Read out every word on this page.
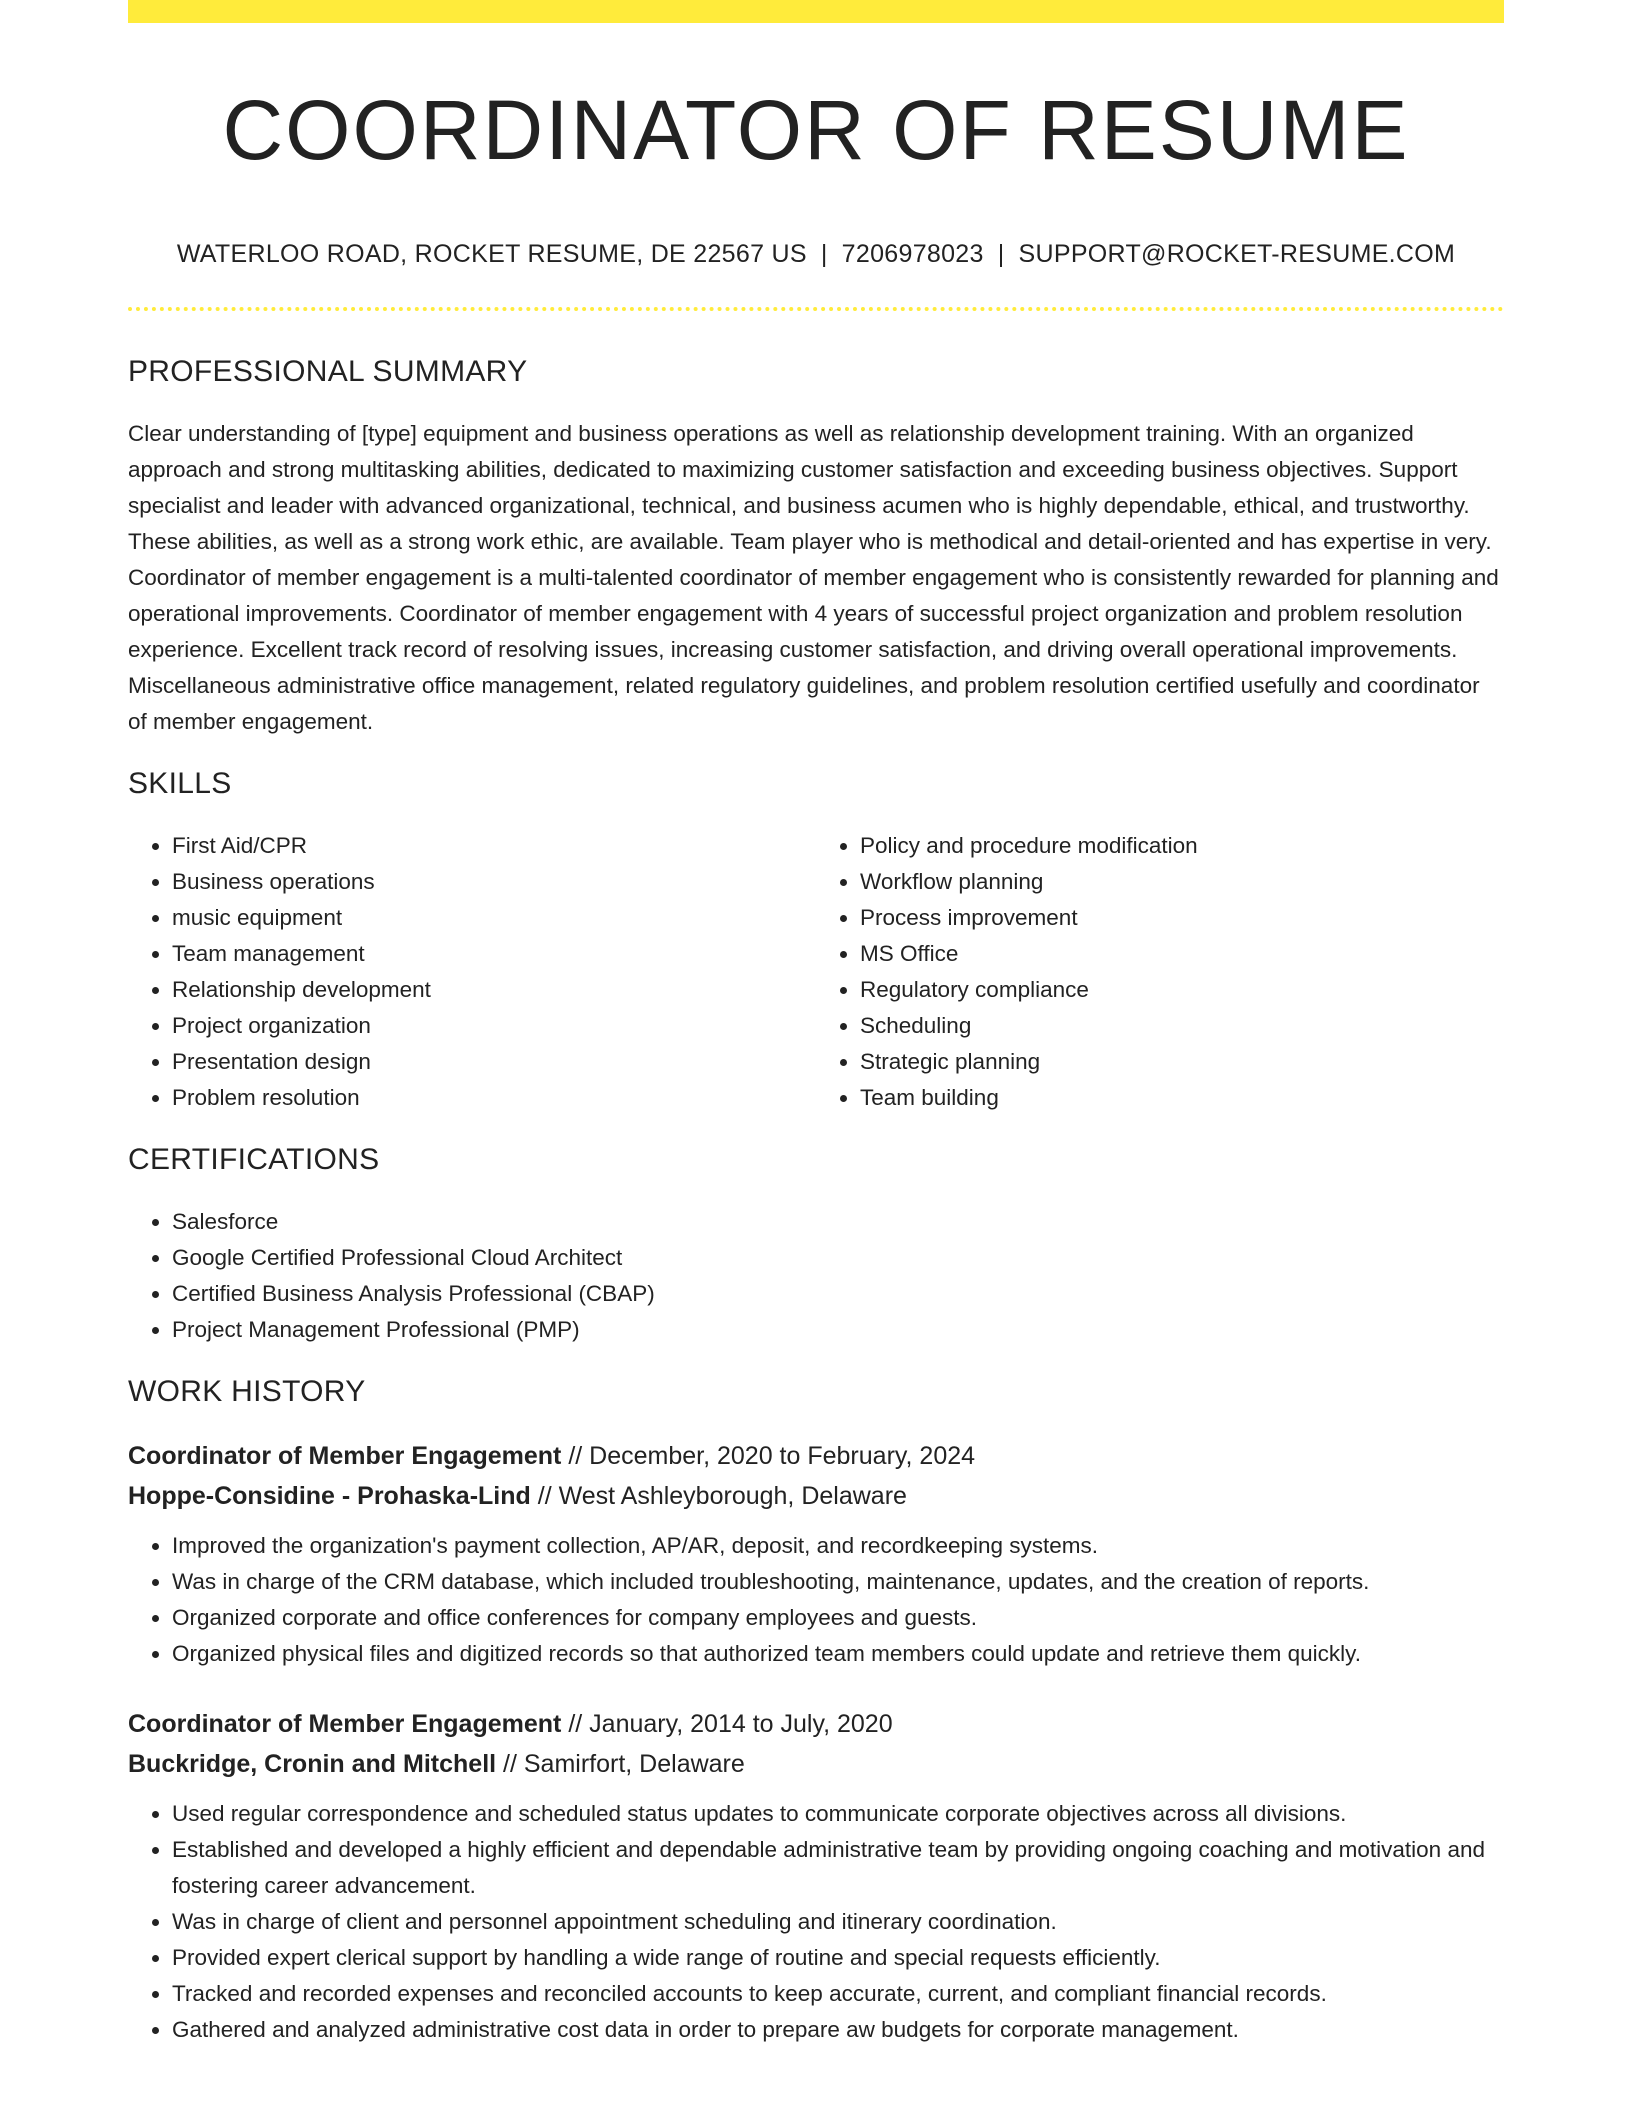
COORDINATOR OF RESUME
WATERLOO ROAD, ROCKET RESUME, DE 22567 US | 7206978023 | SUPPORT@ROCKET-RESUME.COM
PROFESSIONAL SUMMARY

Clear understanding of [type] equipment and business operations as well as relationship development training. With an organized approach and strong multitasking abilities, dedicated to maximizing customer satisfaction and exceeding business objectives. Support specialist and leader with advanced organizational, technical, and business acumen who is highly dependable, ethical, and trustworthy. These abilities, as well as a strong work ethic, are available. Team player who is methodical and detail-oriented and has expertise in very. Coordinator of member engagement is a multi-talented coordinator of member engagement who is consistently rewarded for planning and operational improvements. Coordinator of member engagement with 4 years of successful project organization and problem resolution experience. Excellent track record of resolving issues, increasing customer satisfaction, and driving overall operational improvements. Miscellaneous administrative office management, related regulatory guidelines, and problem resolution certified usefully and coordinator of member engagement.

SKILLS
• First Aid/CPR
• Business operations
• music equipment
• Team management
• Relationship development
• Project organization
• Presentation design
• Problem resolution
• Policy and procedure modification
• Workflow planning
• Process improvement
• MS Office
• Regulatory compliance
• Scheduling
• Strategic planning
• Team building
CERTIFICATIONS
• Salesforce
• Google Certified Professional Cloud Architect
• Certified Business Analysis Professional (CBAP)
• Project Management Professional (PMP)
WORK HISTORY
Coordinator of Member Engagement // December, 2020 to February, 2024
Hoppe-Considine - Prohaska-Lind // West Ashleyborough, Delaware
• Improved the organization's payment collection, AP/AR, deposit, and recordkeeping systems.
• Was in charge of the CRM database, which included troubleshooting, maintenance, updates, and the creation of reports.
• Organized corporate and office conferences for company employees and guests.
• Organized physical files and digitized records so that authorized team members could update and retrieve them quickly.
Coordinator of Member Engagement // January, 2014 to July, 2020
Buckridge, Cronin and Mitchell // Samirfort, Delaware
• Used regular correspondence and scheduled status updates to communicate corporate objectives across all divisions.
• Established and developed a highly efficient and dependable administrative team by providing ongoing coaching and motivation and fostering career advancement.
• Was in charge of client and personnel appointment scheduling and itinerary coordination.
• Provided expert clerical support by handling a wide range of routine and special requests efficiently.
• Tracked and recorded expenses and reconciled accounts to keep accurate, current, and compliant financial records.
• Gathered and analyzed administrative cost data in order to prepare aw budgets for corporate management.
